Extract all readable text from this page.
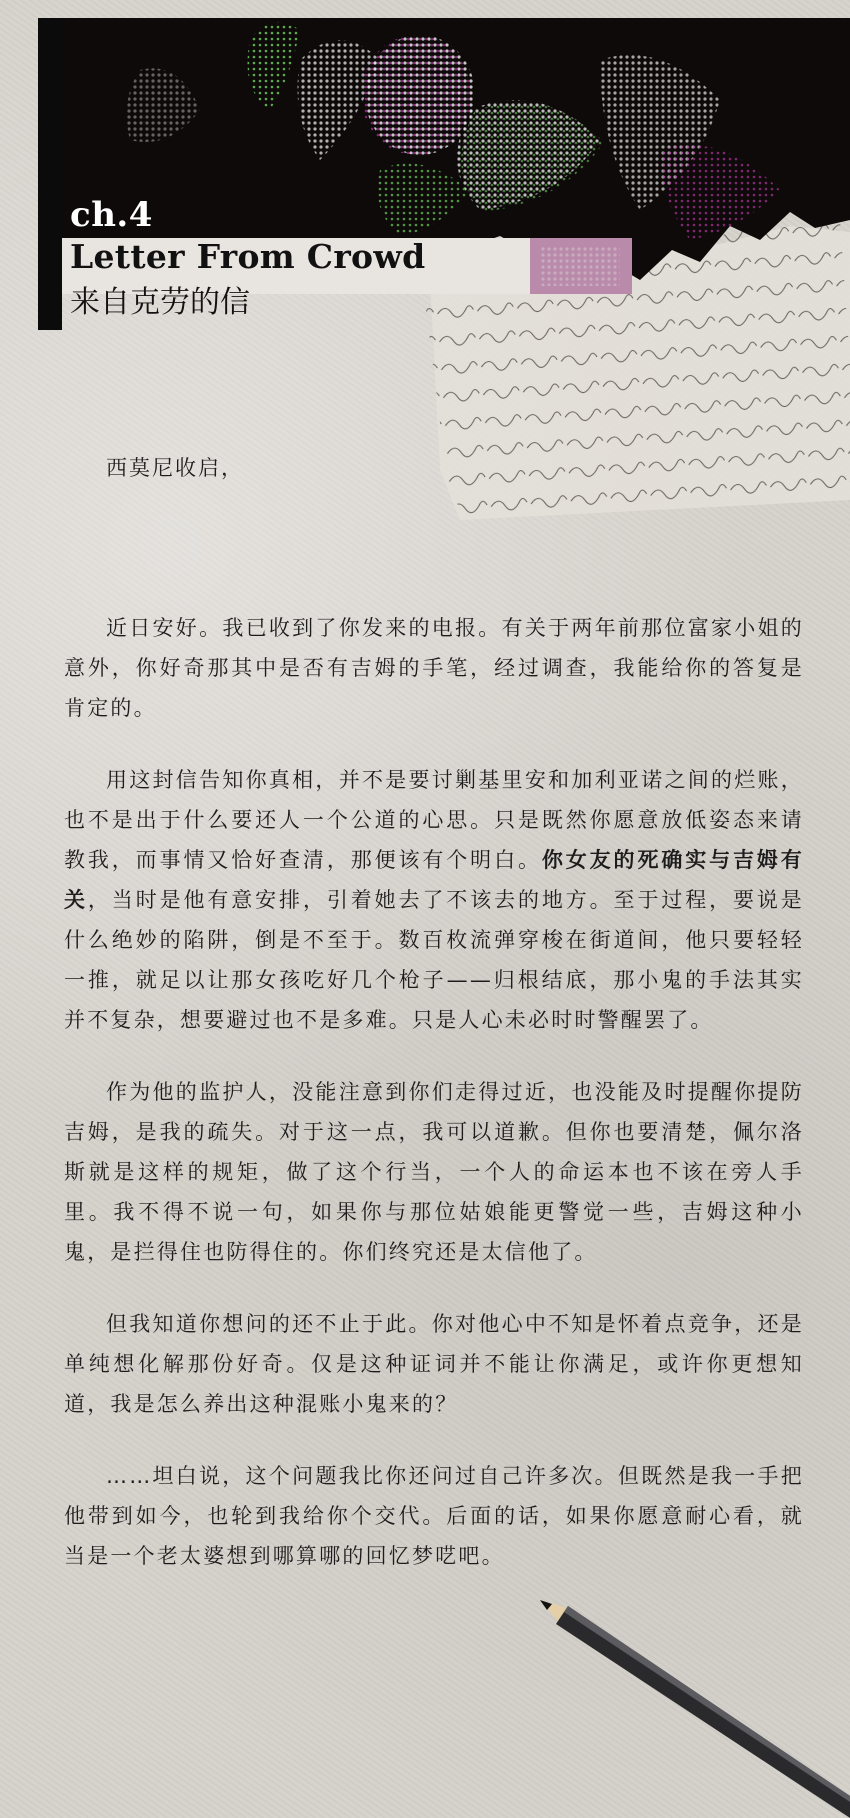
ch.4
Letter From Crowd
来自克劳的信

西莫尼收启，

近日安好。我已收到了你发来的电报。有关于两年前那位富家小姐的意外，你好奇那其中是否有吉姆的手笔，经过调查，我能给你的答复是肯定的。

用这封信告知你真相，并不是要讨剿基里安和加利亚诺之间的烂账，也不是出于什么要还人一个公道的心思。只是既然你愿意放低姿态来请教我，而事情又恰好查清，那便该有个明白。你女友的死确实与吉姆有关，当时是他有意安排，引着她去了不该去的地方。至于过程，要说是什么绝妙的陷阱，倒是不至于。数百枚流弹穿梭在街道间，他只要轻轻一推，就足以让那女孩吃好几个枪子——归根结底，那小鬼的手法其实并不复杂，想要避过也不是多难。只是人心未必时时警醒罢了。

作为他的监护人，没能注意到你们走得过近，也没能及时提醒你提防吉姆，是我的疏失。对于这一点，我可以道歉。但你也要清楚，佩尔洛斯就是这样的规矩，做了这个行当，一个人的命运本也不该在旁人手里。我不得不说一句，如果你与那位姑娘能更警觉一些，吉姆这种小鬼，是拦得住也防得住的。你们终究还是太信他了。

但我知道你想问的还不止于此。你对他心中不知是怀着点竞争，还是单纯想化解那份好奇。仅是这种证词并不能让你满足，或许你更想知道，我是怎么养出这种混账小鬼来的？

……坦白说，这个问题我比你还问过自己许多次。但既然是我一手把他带到如今，也轮到我给你个交代。后面的话，如果你愿意耐心看，就当是一个老太婆想到哪算哪的回忆梦呓吧。
